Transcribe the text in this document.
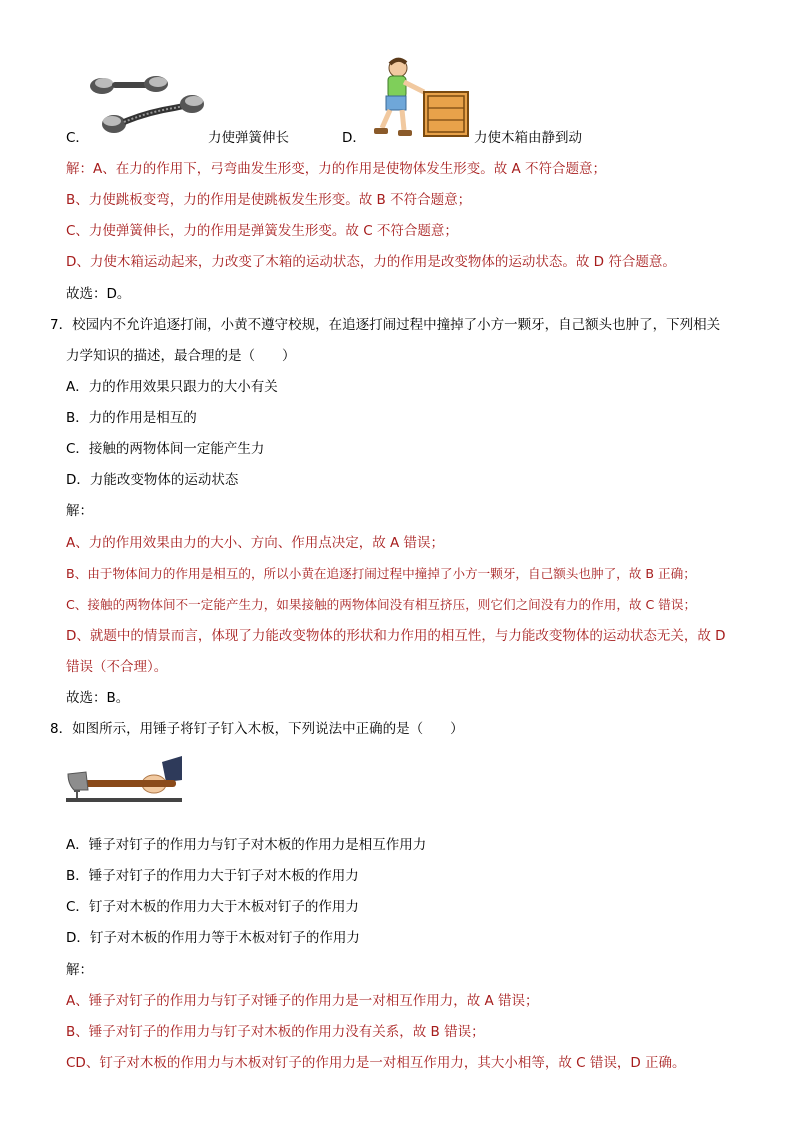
C．	力使弹簧伸长	D．	力使木箱由静到动
解：A、在力的作用下，弓弯曲发生形变，力的作用是使物体发生形变。故 A 不符合题意；
B、力使跳板变弯，力的作用是使跳板发生形变。故 B 不符合题意；
C、力使弹簧伸长，力的作用是弹簧发生形变。故 C 不符合题意；
D、力使木箱运动起来，力改变了木箱的运动状态，力的作用是改变物体的运动状态。故 D 符合题意。
故选：D。
7．校园内不允许追逐打闹，小黄不遵守校规，在追逐打闹过程中撞掉了小方一颗牙，自己额头也肿了，下列相关
力学知识的描述，最合理的是（　　）
A．力的作用效果只跟力的大小有关
B．力的作用是相互的
C．接触的两物体间一定能产生力
D．力能改变物体的运动状态
解：
A、力的作用效果由力的大小、方向、作用点决定，故 A 错误；
B、由于物体间力的作用是相互的，所以小黄在追逐打闹过程中撞掉了小方一颗牙，自己额头也肿了，故 B 正确；
C、接触的两物体间不一定能产生力，如果接触的两物体间没有相互挤压，则它们之间没有力的作用，故 C 错误；
D、就题中的情景而言，体现了力能改变物体的形状和力作用的相互性，与力能改变物体的运动状态无关，故 D
错误（不合理）。
故选：B。
8．如图所示，用锤子将钉子钉入木板，下列说法中正确的是（　　）
A．锤子对钉子的作用力与钉子对木板的作用力是相互作用力
B．锤子对钉子的作用力大于钉子对木板的作用力
C．钉子对木板的作用力大于木板对钉子的作用力
D．钉子对木板的作用力等于木板对钉子的作用力
解：
A、锤子对钉子的作用力与钉子对锤子的作用力是一对相互作用力，故 A 错误；
B、锤子对钉子的作用力与钉子对木板的作用力没有关系，故 B 错误；
CD、钉子对木板的作用力与木板对钉子的作用力是一对相互作用力，其大小相等，故 C 错误，D 正确。
